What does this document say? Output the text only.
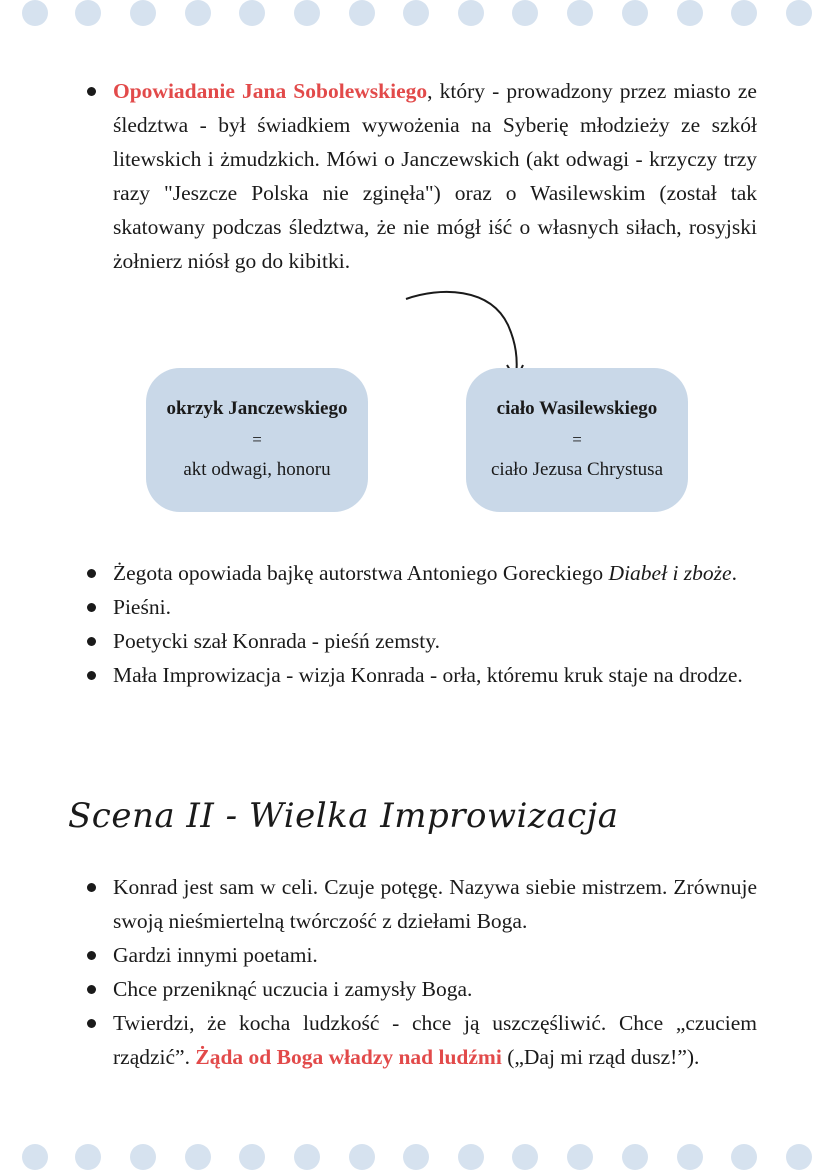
Opowiadanie Jana Sobolewskiego, który - prowadzony przez miasto ze śledztwa - był świadkiem wywożenia na Syberię młodzieży ze szkół litewskich i żmudzkich. Mówi o Janczewskich (akt odwagi - krzyczy trzy razy "Jeszcze Polska nie zginęła") oraz o Wasilewskim (został tak skatowany podczas śledztwa, że nie mógł iść o własnych siłach, rosyjski żołnierz niósł go do kibitki.
okrzyk Janczewskiego
=
akt odwagi, honoru
ciało Wasilewskiego
=
ciało Jezusa Chrystusa
Żegota opowiada bajkę autorstwa Antoniego Goreckiego Diabeł i zboże.
Pieśni.
Poetycki szał Konrada - pieśń zemsty.
Mała Improwizacja - wizja Konrada - orła, któremu kruk staje na drodze.
Scena II - Wielka Improwizacja
Konrad jest sam w celi. Czuje potęgę. Nazywa siebie mistrzem. Zrównuje swoją nieśmiertelną twórczość z dziełami Boga.
Gardzi innymi poetami.
Chce przeniknąć uczucia i zamysły Boga.
Twierdzi, że kocha ludzkość - chce ją uszczęśliwić. Chce „czuciem rządzić”. Żąda od Boga władzy nad ludźmi („Daj mi rząd dusz!”).
